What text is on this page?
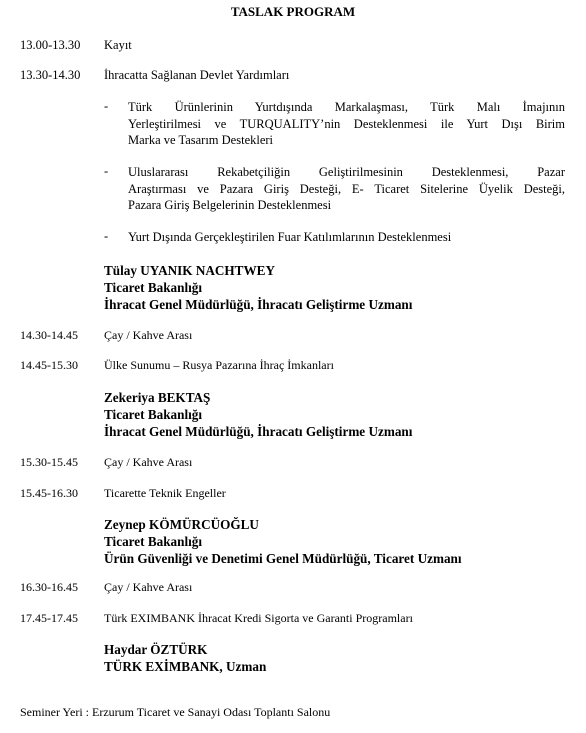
TASLAK PROGRAM
13.00-13.30 Kayıt
13.30-14.30 İhracatta Sağlanan Devlet Yardımları
- Türk Ürünlerinin Yurtdışında Markalaşması, Türk Malı İmajının
Yerleştirilmesi ve TURQUALITY’nin Desteklenmesi ile Yurt Dışı Birim
Marka ve Tasarım Destekleri
- Uluslararası Rekabetçiliğin Geliştirilmesinin Desteklenmesi, Pazar
Araştırması ve Pazara Giriş Desteği, E- Ticaret Sitelerine Üyelik Desteği,
Pazara Giriş Belgelerinin Desteklenmesi
- Yurt Dışında Gerçekleştirilen Fuar Katılımlarının Desteklenmesi
Tülay UYANIK NACHTWEY
Ticaret Bakanlığı
İhracat Genel Müdürlüğü, İhracatı Geliştirme Uzmanı
14.30-14.45 Çay / Kahve Arası
14.45-15.30 Ülke Sunumu – Rusya Pazarına İhraç İmkanları
Zekeriya BEKTAŞ
Ticaret Bakanlığı
İhracat Genel Müdürlüğü, İhracatı Geliştirme Uzmanı
15.30-15.45 Çay / Kahve Arası
15.45-16.30 Ticarette Teknik Engeller
Zeynep KÖMÜRCÜOĞLU
Ticaret Bakanlığı
Ürün Güvenliği ve Denetimi Genel Müdürlüğü, Ticaret Uzmanı
16.30-16.45 Çay / Kahve Arası
17.45-17.45 Türk EXIMBANK İhracat Kredi Sigorta ve Garanti Programları
Haydar ÖZTÜRK
TÜRK EXİMBANK, Uzman
Seminer Yeri : Erzurum Ticaret ve Sanayi Odası Toplantı Salonu
